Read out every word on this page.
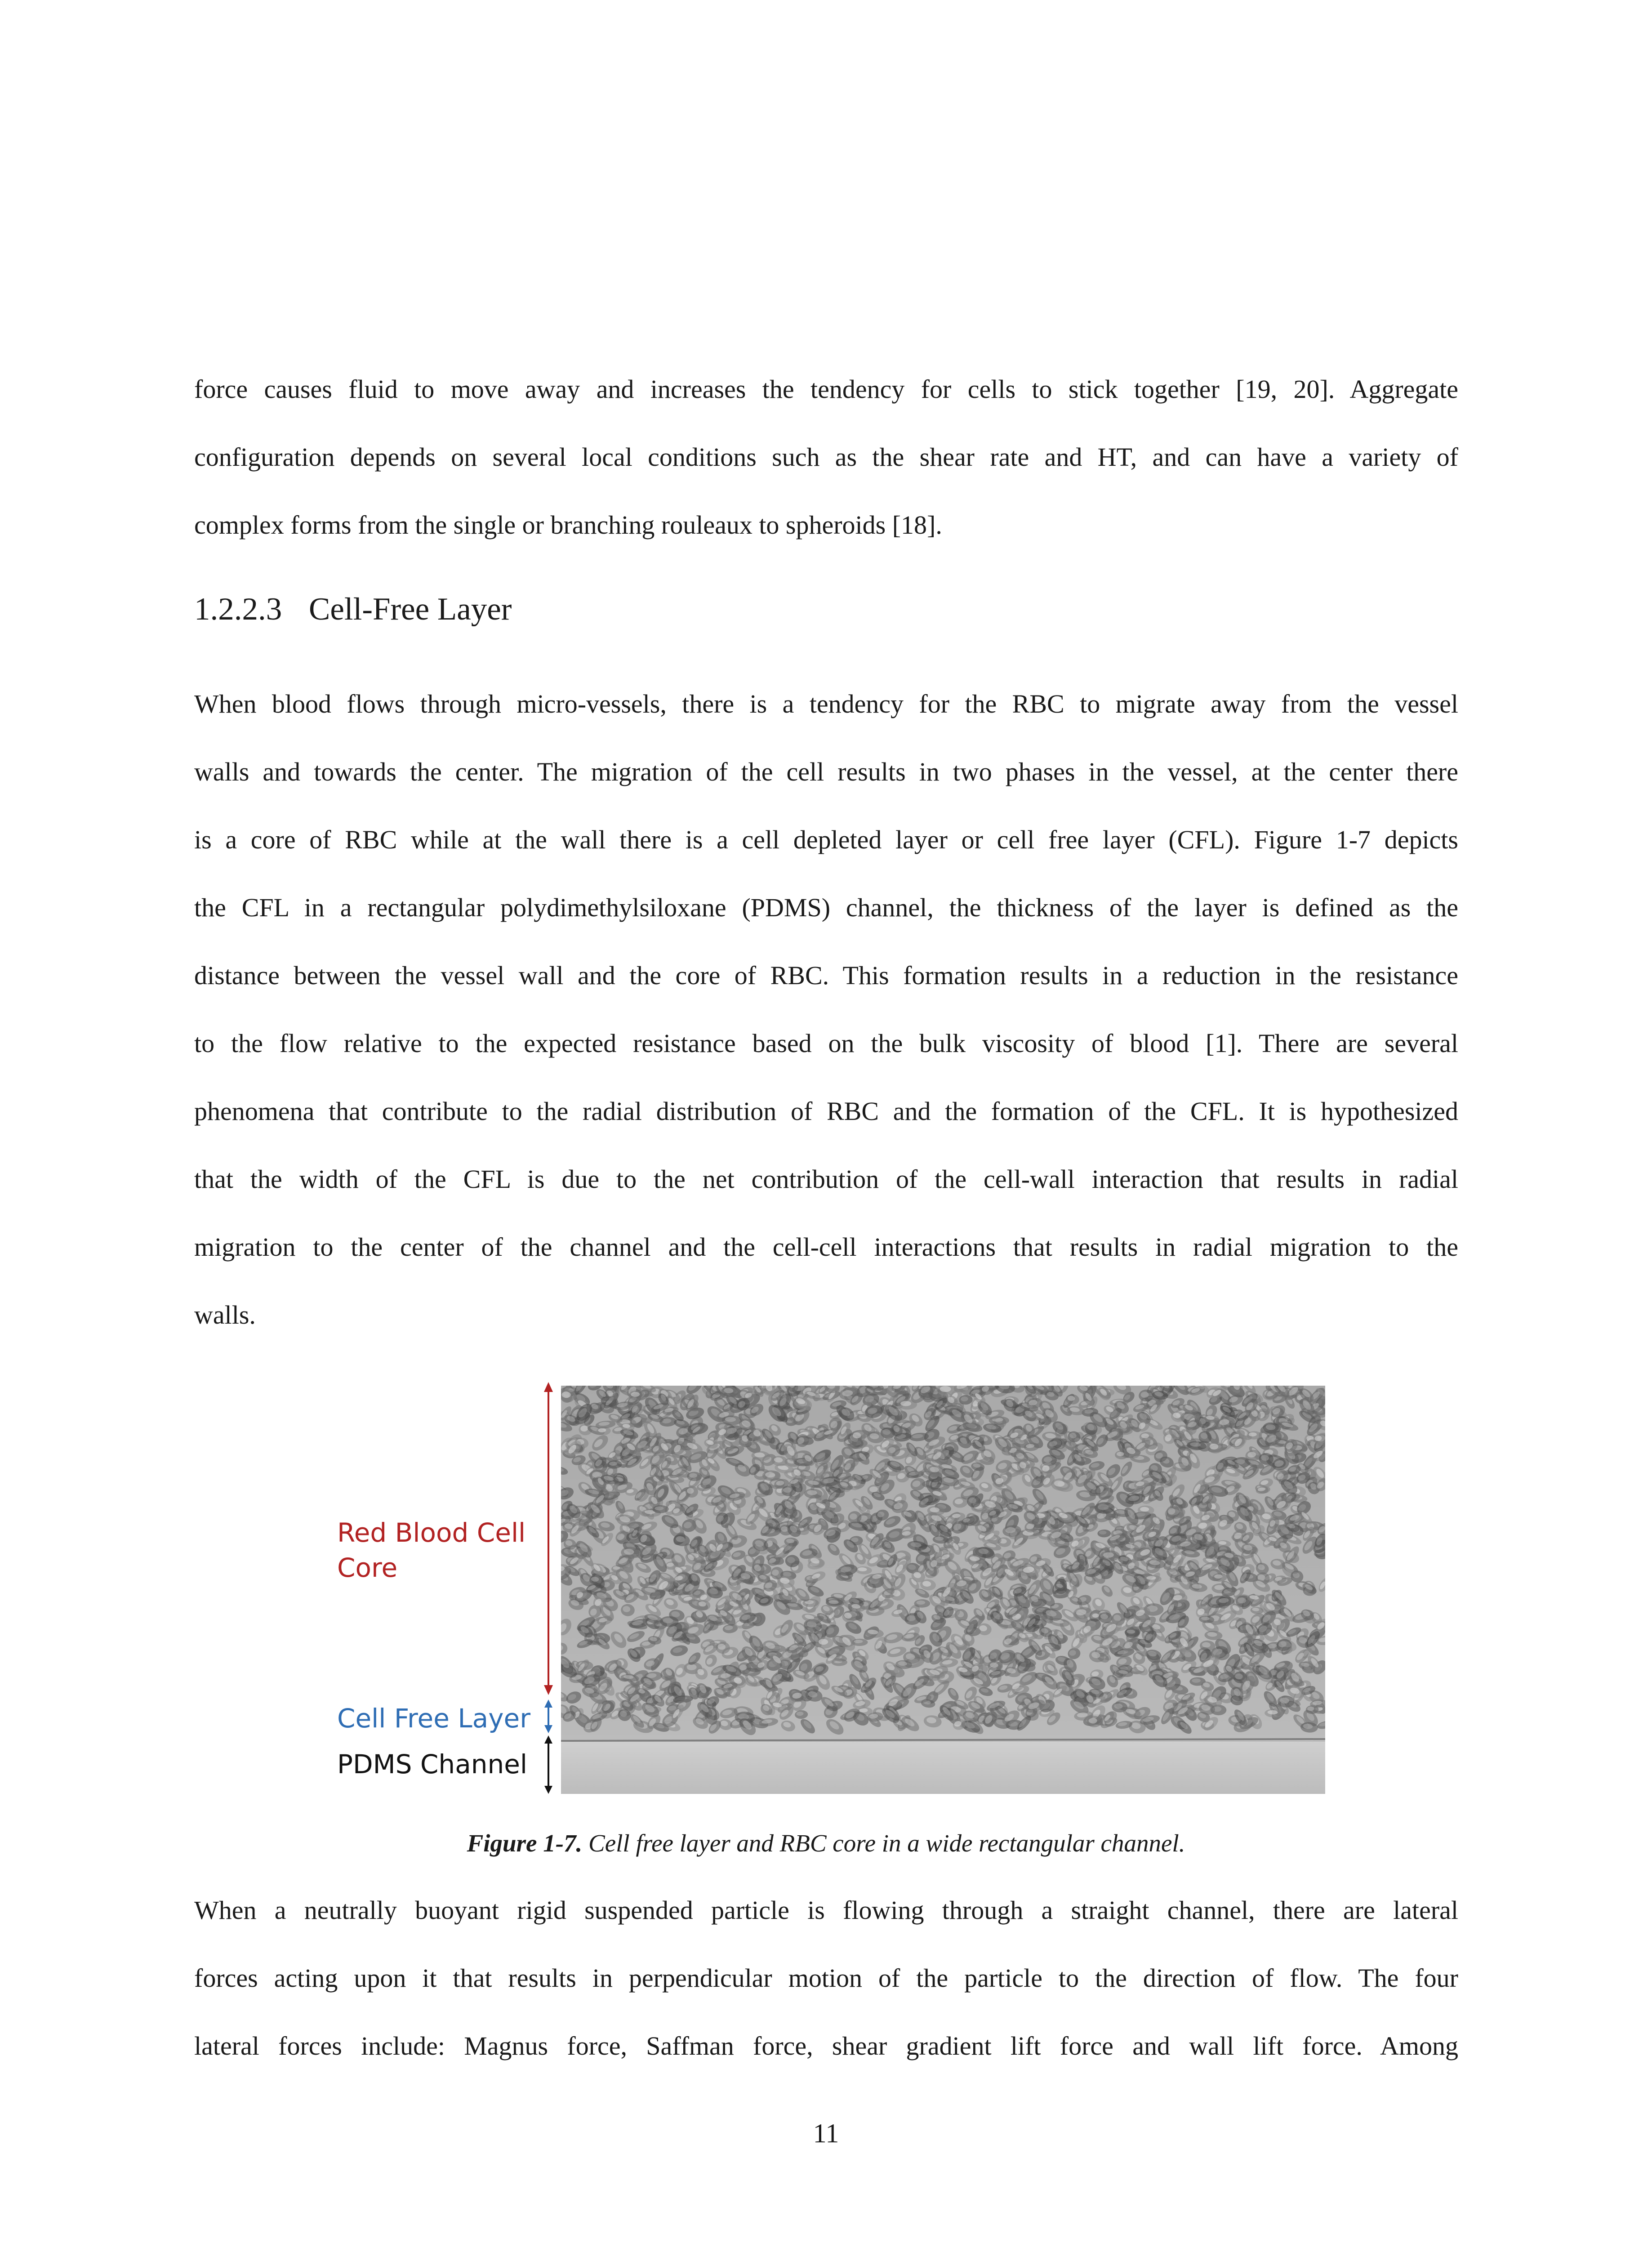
force causes fluid to move away and increases the tendency for cells to stick together [19, 20]. Aggregate
configuration depends on several local conditions such as the shear rate and HT, and can have a variety of
complex forms from the single or branching rouleaux to spheroids [18].
1.2.2.3 Cell-Free Layer
When blood flows through micro-vessels, there is a tendency for the RBC to migrate away from the vessel
walls and towards the center. The migration of the cell results in two phases in the vessel, at the center there
is a core of RBC while at the wall there is a cell depleted layer or cell free layer (CFL). Figure 1-7 depicts
the CFL in a rectangular polydimethylsiloxane (PDMS) channel, the thickness of the layer is defined as the
distance between the vessel wall and the core of RBC. This formation results in a reduction in the resistance
to the flow relative to the expected resistance based on the bulk viscosity of blood [1]. There are several
phenomena that contribute to the radial distribution of RBC and the formation of the CFL. It is hypothesized
that the width of the CFL is due to the net contribution of the cell-wall interaction that results in radial
migration to the center of the channel and the cell-cell interactions that results in radial migration to the
walls.
Red Blood Cell Core
Cell Free Layer
PDMS Channel
Figure 1-7. Cell free layer and RBC core in a wide rectangular channel.
When a neutrally buoyant rigid suspended particle is flowing through a straight channel, there are lateral
forces acting upon it that results in perpendicular motion of the particle to the direction of flow. The four
lateral forces include: Magnus force, Saffman force, shear gradient lift force and wall lift force. Among
11
